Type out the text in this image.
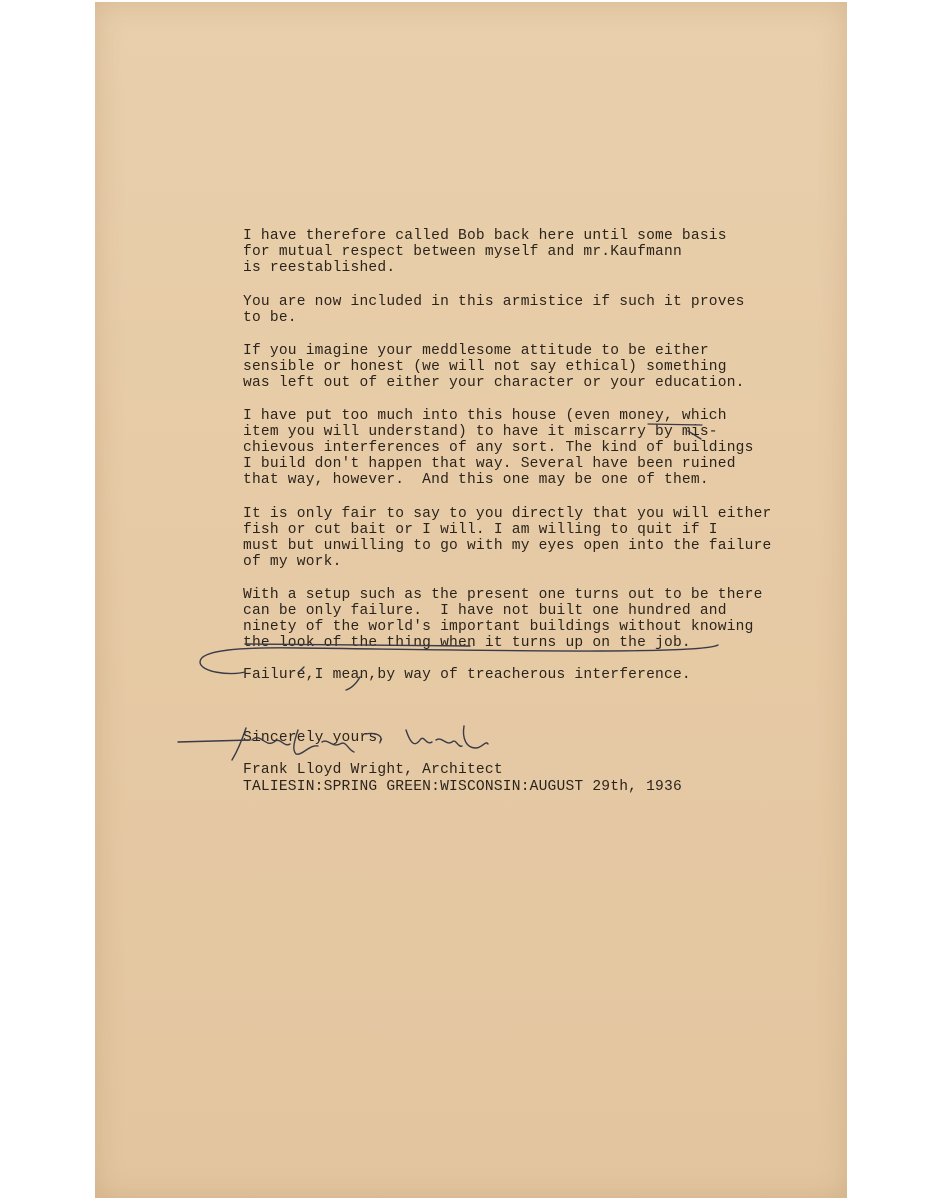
I have therefore called Bob back here until some basis

for mutual respect between myself and mr.Kaufmann

is reestablished.

You are now included in this armistice if such it proves

to be.

If you imagine your meddlesome attitude to be either

sensible or honest (we will not say ethical) something

was left out of either your character or your education.

I have put too much into this house (even money, which

item you will understand) to have it miscarry by mis-

chievous interferences of any sort. The kind of buildings

I build don't happen that way. Several have been ruined

that way, however.  And this one may be one of them.

It is only fair to say to you directly that you will either

fish or cut bait or I will. I am willing to quit if I

must but unwilling to go with my eyes open into the failure

of my work.

With a setup such as the present one turns out to be there

can be only failure.  I have not built one hundred and

ninety of the world's important buildings without knowing

the look of the thing when it turns up on the job.

Failure,I mean,by way of treacherous interference.

Sincerely yours,

Frank Lloyd Wright, Architect

TALIESIN:SPRING GREEN:WISCONSIN:AUGUST 29th, 1936
